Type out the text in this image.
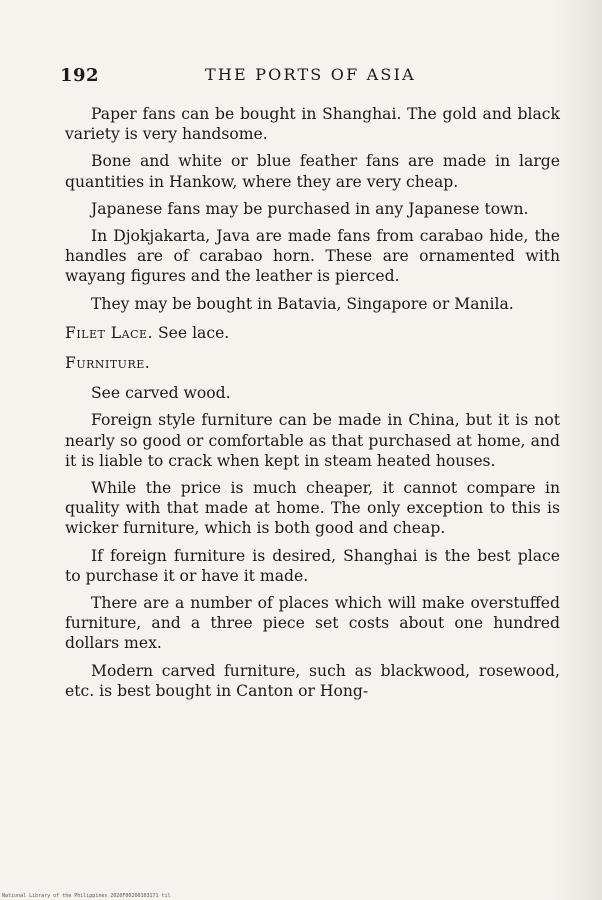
192	THE PORTS OF ASIA

Paper fans can be bought in Shanghai. The gold and black variety is very handsome.

Bone and white or blue feather fans are made in large quantities in Hankow, where they are very cheap.

Japanese fans may be purchased in any Japanese town.

In Djokjakarta, Java are made fans from carabao hide, the handles are of carabao horn. These are ornamented with wayang figures and the leather is pierced.

They may be bought in Batavia, Singapore or Manila.

Filet Lace. See lace.

Furniture.

See carved wood.

Foreign style furniture can be made in China, but it is not nearly so good or comfortable as that purchased at home, and it is liable to crack when kept in steam heated houses.

While the price is much cheaper, it cannot compare in quality with that made at home. The only exception to this is wicker furniture, which is both good and cheap.

If foreign furniture is desired, Shanghai is the best place to purchase it or have it made.

There are a number of places which will make overstuffed furniture, and a three piece set costs about one hundred dollars mex.

Modern carved furniture, such as blackwood, rosewood, etc. is best bought in Canton or Hong-

National Library of the Philippines 2020F00200103171 til
